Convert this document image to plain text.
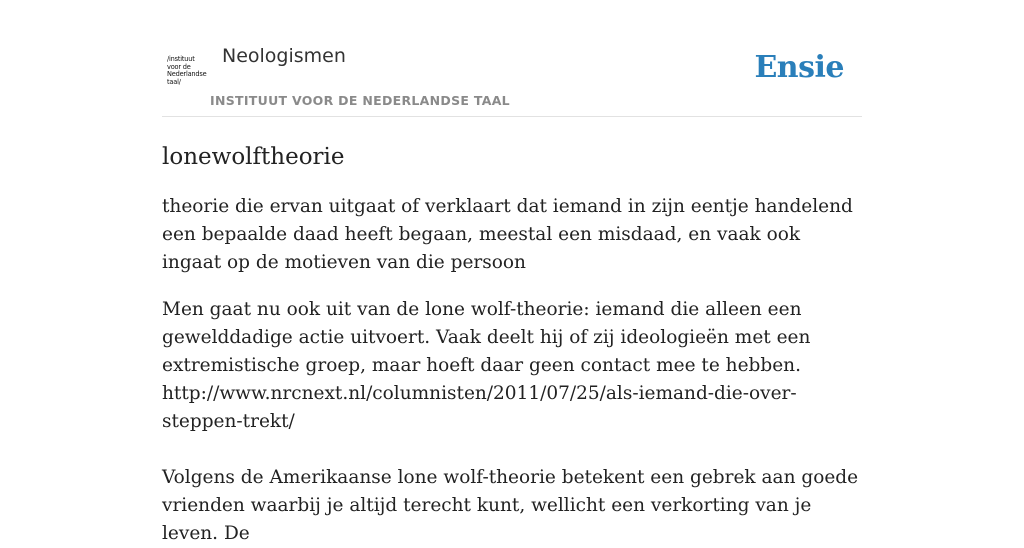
/instituut
voor de
Nederlandse
taal/
Neologismen
INSTITUUT VOOR DE NEDERLANDSE TAAL
Ensie
lonewolftheorie

theorie die ervan uitgaat of verklaart dat iemand in zijn eentje handelend een bepaalde daad heeft begaan, meestal een misdaad, en vaak ook ingaat op de motieven van die persoon

Men gaat nu ook uit van de lone wolf-theorie: iemand die alleen een gewelddadige actie uitvoert. Vaak deelt hij of zij ideologieën met een extremistische groep, maar hoeft daar geen contact mee te hebben. http://www.nrcnext.nl/columnisten/2011/07/25/als-iemand-die-over-steppen-trekt/

Volgens de Amerikaanse lone wolf-theorie betekent een gebrek aan goede vrienden waarbij je altijd terecht kunt, wellicht een verkorting van je leven. De
